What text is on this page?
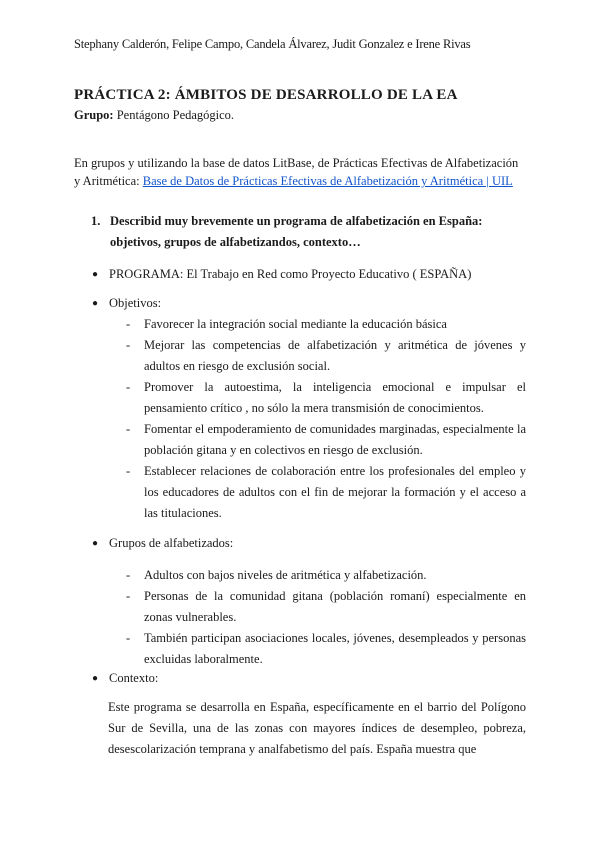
Stephany Calderón, Felipe Campo, Candela Álvarez, Judit Gonzalez e Irene Rivas
PRÁCTICA 2: ÁMBITOS DE DESARROLLO DE LA EA
Grupo: Pentágono Pedagógico.
En grupos y utilizando la base de datos LitBase, de Prácticas Efectivas de Alfabetización y Aritmética: Base de Datos de Prácticas Efectivas de Alfabetización y Aritmética | UIL
1. Describid muy brevemente un programa de alfabetización en España: objetivos, grupos de alfabetizandos, contexto…
● PROGRAMA: El Trabajo en Red como Proyecto Educativo ( ESPAÑA)
● Objetivos:
- Favorecer la integración social mediante la educación básica
- Mejorar las competencias de alfabetización y aritmética de jóvenes y adultos en riesgo de exclusión social.
- Promover la autoestima, la inteligencia emocional e impulsar el pensamiento crítico , no sólo la mera transmisión de conocimientos.
- Fomentar el empoderamiento de comunidades marginadas, especialmente la población gitana y en colectivos en riesgo de exclusión.
- Establecer relaciones de colaboración entre los profesionales del empleo y los educadores de adultos con el fin de mejorar la formación y el acceso a las titulaciones.
● Grupos de alfabetizados:
- Adultos con bajos niveles de aritmética y alfabetización.
- Personas de la comunidad gitana (población romaní) especialmente en zonas vulnerables.
- También participan asociaciones locales, jóvenes, desempleados y personas excluidas laboralmente.
● Contexto:
Este programa se desarrolla en España, específicamente en el barrio del Polígono Sur de Sevilla, una de las zonas con mayores índices de desempleo, pobreza, desescolarización temprana y analfabetismo del país. España muestra que
